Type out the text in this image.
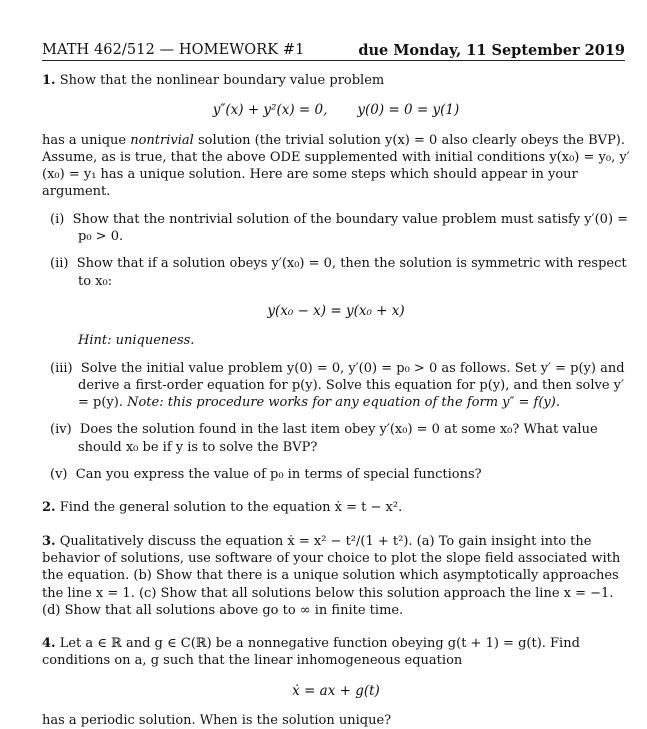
MATH 462/512 — HOMEWORK #1	due Monday, 11 September 2019

1. Show that the nonlinear boundary value problem

y″(x) + y²(x) = 0, y(0) = 0 = y(1)

has a unique nontrivial solution (the trivial solution y(x) = 0 also clearly obeys the BVP). Assume, as is true, that the above ODE supplemented with initial conditions y(x₀) = y₀, y′(x₀) = y₁ has a unique solution. Here are some steps which should appear in your argument.

(i) Show that the nontrivial solution of the boundary value problem must satisfy y′(0) = p₀ > 0.

(ii) Show that if a solution obeys y′(x₀) = 0, then the solution is symmetric with respect to x₀:

y(x₀ − x) = y(x₀ + x)

Hint: uniqueness.

(iii) Solve the initial value problem y(0) = 0, y′(0) = p₀ > 0 as follows. Set y′ = p(y) and derive a first-order equation for p(y). Solve this equation for p(y), and then solve y′ = p(y). Note: this procedure works for any equation of the form y″ = f(y).

(iv) Does the solution found in the last item obey y′(x₀) = 0 at some x₀? What value should x₀ be if y is to solve the BVP?

(v) Can you express the value of p₀ in terms of special functions?

2. Find the general solution to the equation ẋ = t − x².

3. Qualitatively discuss the equation ẋ = x² − t²/(1 + t²). (a) To gain insight into the behavior of solutions, use software of your choice to plot the slope field associated with the equation. (b) Show that there is a unique solution which asymptotically approaches the line x = 1. (c) Show that all solutions below this solution approach the line x = −1. (d) Show that all solutions above go to ∞ in finite time.

4. Let a ∈ ℝ and g ∈ C(ℝ) be a nonnegative function obeying g(t + 1) = g(t). Find conditions on a, g such that the linear inhomogeneous equation

ẋ = ax + g(t)

has a periodic solution. When is the solution unique?
